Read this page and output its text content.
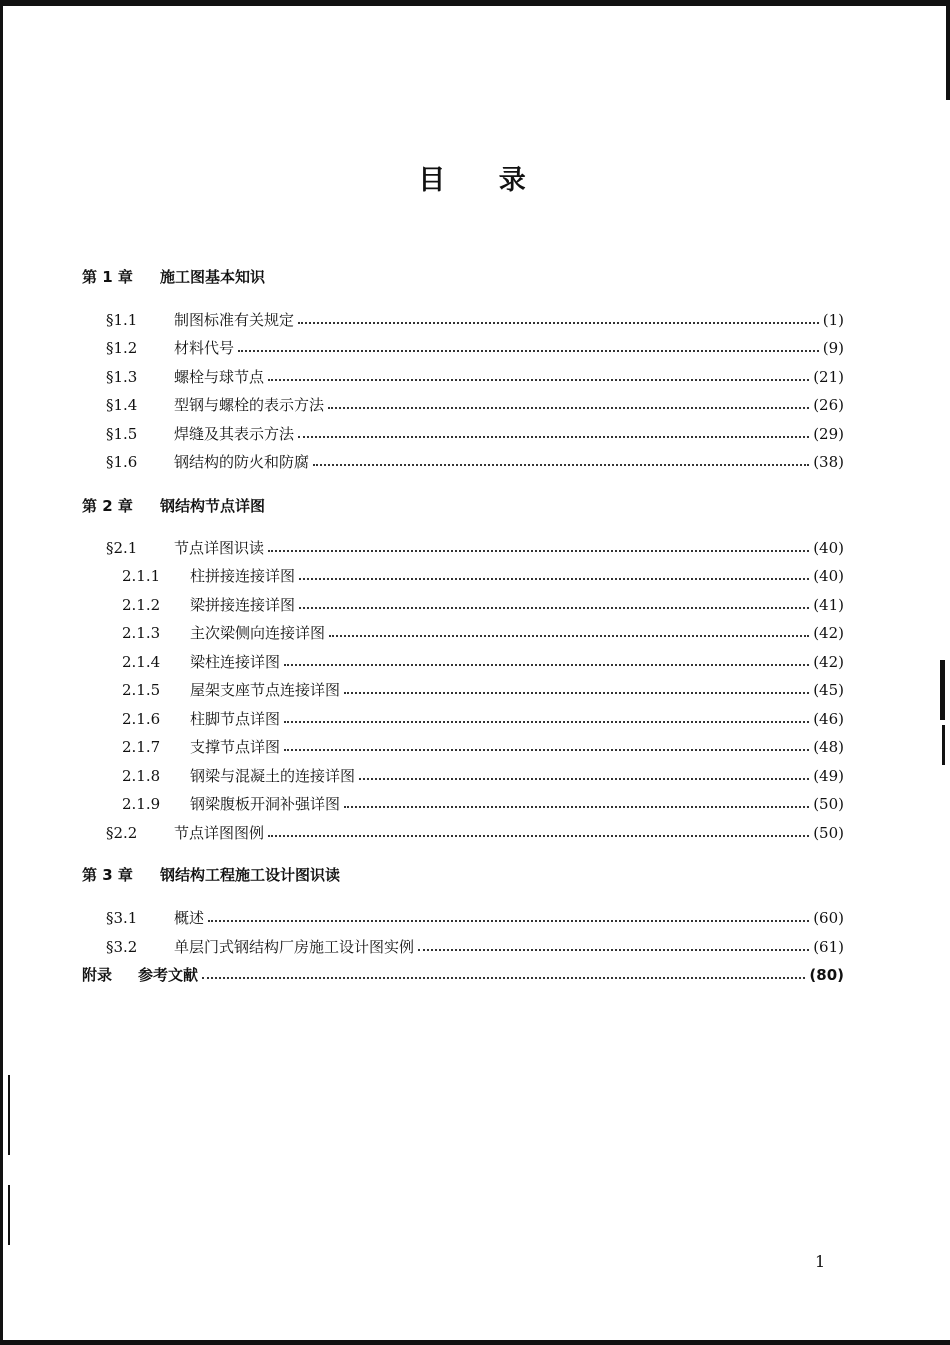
目 录
第 1 章 施工图基本知识
§1.1	制图标准有关规定	(1)
§1.2	材料代号	(9)
§1.3	螺栓与球节点	(21)
§1.4	型钢与螺栓的表示方法	(26)
§1.5	焊缝及其表示方法	(29)
§1.6	钢结构的防火和防腐	(38)
第 2 章 钢结构节点详图
§2.1	节点详图识读	(40)
2.1.1	柱拼接连接详图	(40)
2.1.2	梁拼接连接详图	(41)
2.1.3	主次梁侧向连接详图	(42)
2.1.4	梁柱连接详图	(42)
2.1.5	屋架支座节点连接详图	(45)
2.1.6	柱脚节点详图	(46)
2.1.7	支撑节点详图	(48)
2.1.8	钢梁与混凝土的连接详图	(49)
2.1.9	钢梁腹板开洞补强详图	(50)
§2.2	节点详图图例	(50)
第 3 章 钢结构工程施工设计图识读
§3.1	概述	(60)
§3.2	单层门式钢结构厂房施工设计图实例	(61)
附录	参考文献	(80)
1
